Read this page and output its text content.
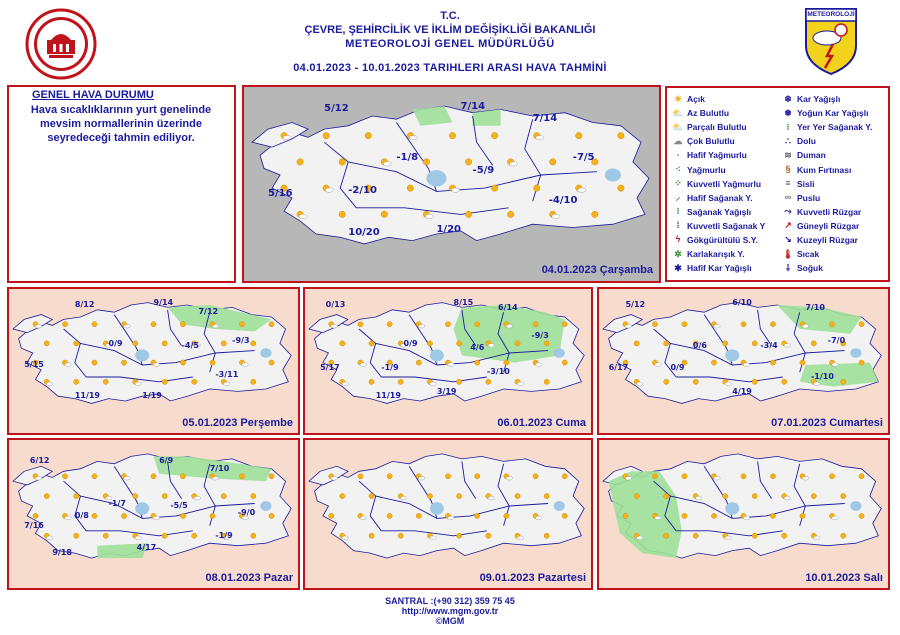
T.C.
ÇEVRE, ŞEHİRCİLİK VE İKLİM DEĞİŞİKLİĞİ BAKANLIĞI
METEOROLOJİ GENEL MÜDÜRLÜĞÜ
04.01.2023 - 10.01.2023 TARIHLERI ARASI HAVA TAHMİNİ
METEOROLOJİ
GENEL HAVA DURUMU
Hava sıcaklıklarının yurt genelinde mevsim normallerinin üzerinde seyredeceği tahmin ediliyor.
04.01.2023 Çarşamba
5/12	7/14
7/14
-1/8
-5/9
-7/5
5/16	-2/10
-4/10
10/20	1/20
☀ Açık
⛅ Az Bulutlu
⛅ Parçalı Bulutlu
☁ Çok Bulutlu
⸱ Hafif Yağmurlu
⁖ Yağmurlu
⁘ Kuvvetli Yağmurlu
⸝ Hafif Sağanak Y.
⁝ Sağanak Yağışlı
⁞ Kuvvetli Sağanak Y
ϟ Gökgürültülü S.Y.
✲ Karlakarışık Y.
✱ Hafif Kar Yağışlı
❄ Kar Yağışlı
❅ Yoğun Kar Yağışlı
⁝ Yer Yer Sağanak Y.
∴ Dolu
≋ Duman
§ Kum Fırtınası
≡ Sisli
∞ Puslu
⤳ Kuvvetli Rüzgar
↗ Güneyli Rüzgar
↘ Kuzeyli Rüzgar
🌡 Sıcak
⸸ Soğuk
05.01.2023 Perşembe
8/12	9/14
7/12
0/9	-4/5
-9/3
5/15
-3/11
11/19	1/19
06.01.2023 Cuma
0/13	8/15
6/14
0/9
4/6
-9/3
5/17	-1/9
-3/10
11/19
3/19
07.01.2023 Cumartesi
5/12	6/10
7/10
0/6	-3/4
-7/0
6/17	0/9
-1/10
4/19
08.01.2023 Pazar
6/12	6/9
7/10
0/8
-1/7	-5/5
-9/0
7/16
-1/9
9/18
4/17
09.01.2023 Pazartesi	10.01.2023 Salı
SANTRAL :(+90 312) 359 75 45
http://www.mgm.gov.tr
©MGM
